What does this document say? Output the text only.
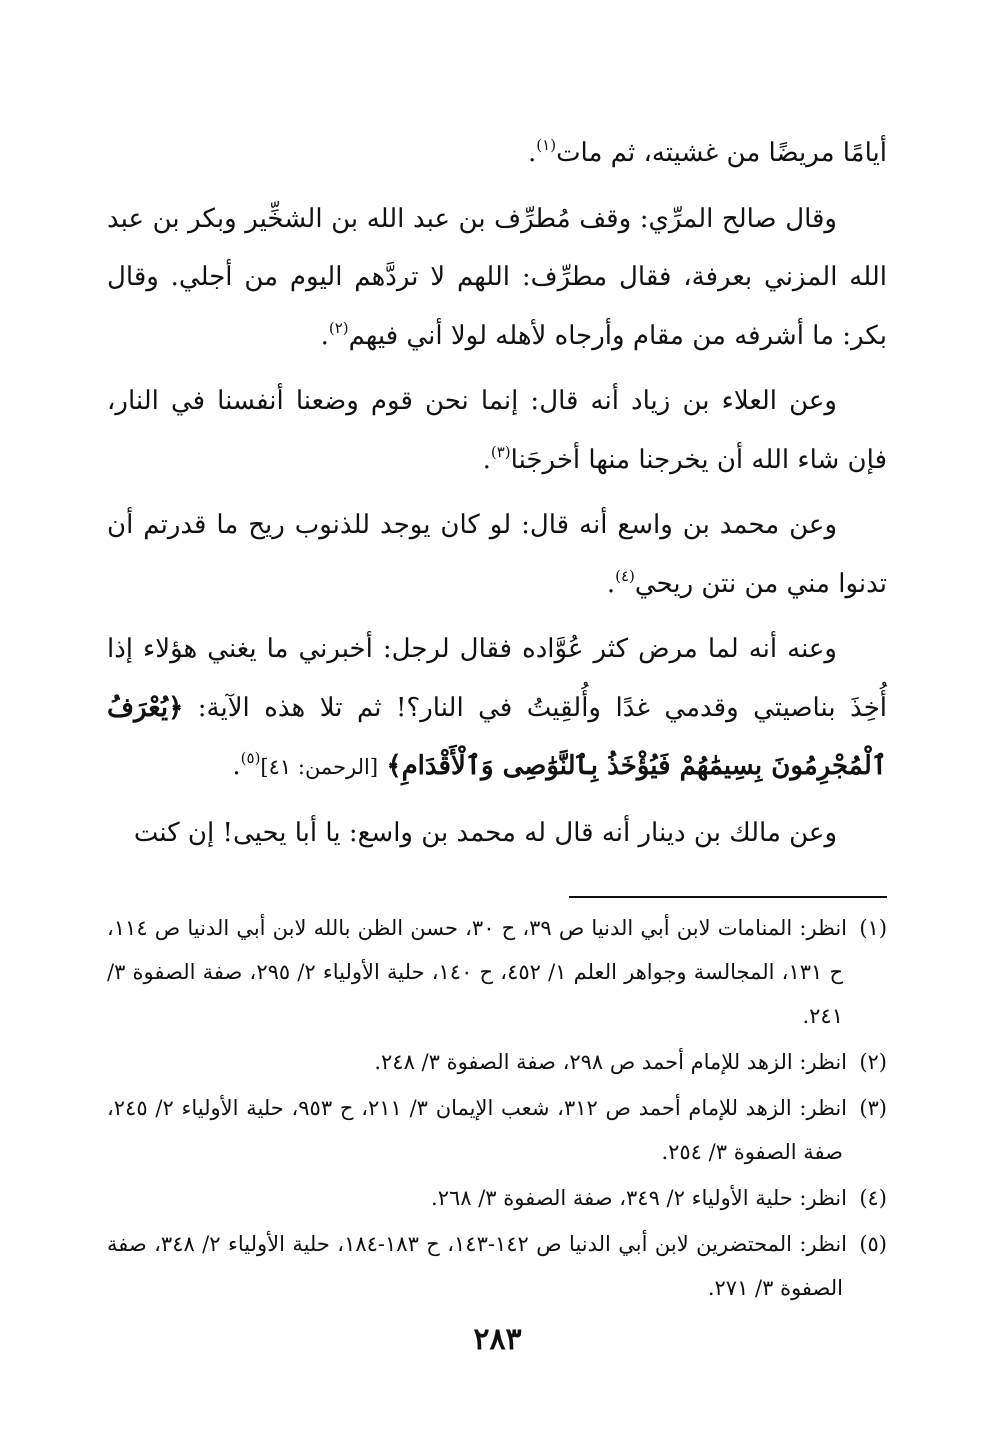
أيامًا مريضًا من غشيته، ثم مات$^{(١)}$.

وقال صالح المرِّي: وقف مُطرِّف بن عبد الله بن الشخِّير وبكر بن عبد الله المزني بعرفة، فقال مطرِّف: اللهم لا تردَّهم اليوم من أجلي. وقال بكر: ما أشرفه من مقام وأرجاه لأهله لولا أني فيهم$^{(٢)}$.

وعن العلاء بن زياد أنه قال: إنما نحن قوم وضعنا أنفسنا في النار، فإن شاء الله أن يخرجنا منها أخرجَنا$^{(٣)}$.

وعن محمد بن واسع أنه قال: لو كان يوجد للذنوب ريح ما قدرتم أن تدنوا مني من نتن ريحي$^{(٤)}$.

وعنه أنه لما مرض كثر عُوَّاده فقال لرجل: أخبرني ما يغني هؤلاء إذا أُخِذَ بناصيتي وقدمي غدًا وأُلقِيتُ في النار؟! ثم تلا هذه الآية: ﴿يُعْرَفُ ٱلْمُجْرِمُونَ بِسِيمَٰهُمْ فَيُؤْخَذُ بِٱلنَّوَٰصِى وَٱلْأَقْدَامِ﴾ [الرحمن: ٤١]$^{(٥)}$.

وعن مالك بن دينار أنه قال له محمد بن واسع: يا أبا يحيى! إن كنت

(١)انظر: المنامات لابن أبي الدنيا ص ٣٩، ح ٣٠، حسن الظن بالله لابن أبي الدنيا ص ١١٤، ح ١٣١، المجالسة وجواهر العلم ١/ ٤٥٢، ح ١٤٠، حلية الأولياء ٢/ ٢٩٥، صفة الصفوة ٣/ ٢٤١.
(٢)انظر: الزهد للإمام أحمد ص ٢٩٨، صفة الصفوة ٣/ ٢٤٨.
(٣)انظر: الزهد للإمام أحمد ص ٣١٢، شعب الإيمان ٣/ ٢١١، ح ٩٥٣، حلية الأولياء ٢/ ٢٤٥، صفة الصفوة ٣/ ٢٥٤.
(٤)انظر: حلية الأولياء ٢/ ٣٤٩، صفة الصفوة ٣/ ٢٦٨.
(٥)انظر: المحتضرين لابن أبي الدنيا ص ١٤٢-١٤٣، ح ١٨٣-١٨٤، حلية الأولياء ٢/ ٣٤٨، صفة الصفوة ٣/ ٢٧١.
٢٨٣
